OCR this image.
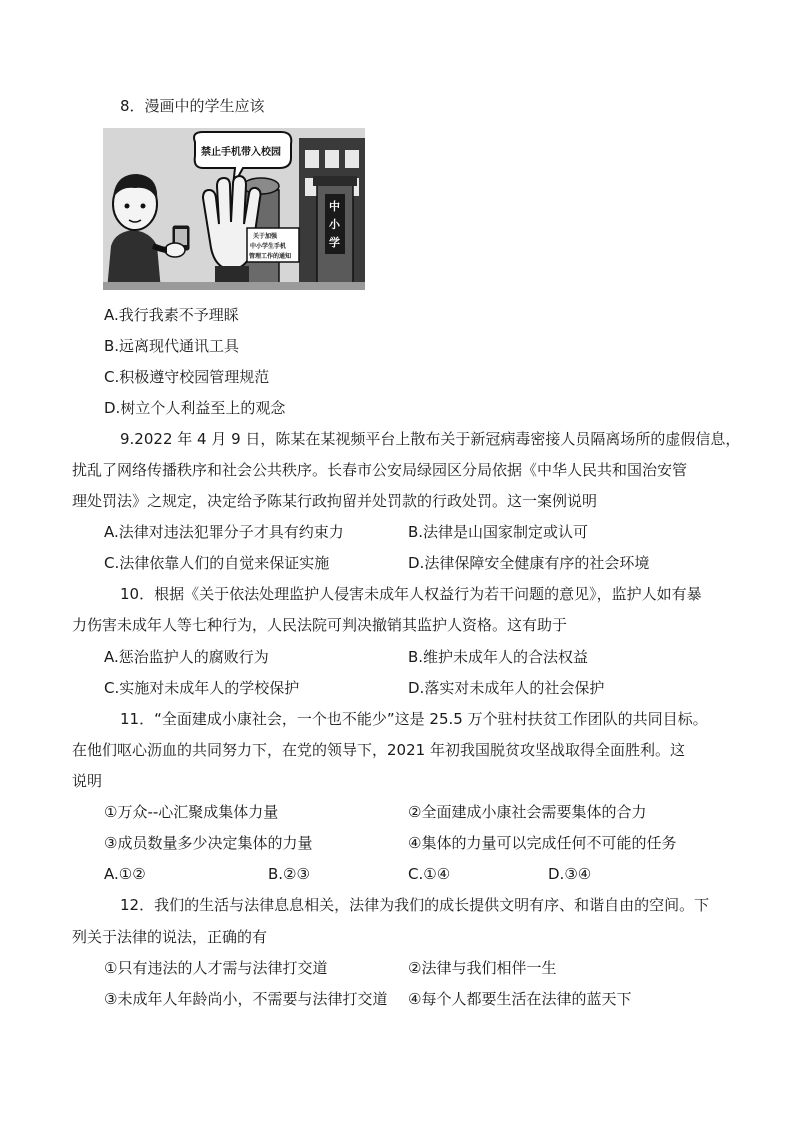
8．漫画中的学生应该
中
小
学
禁止手机带入校园
关于加强
中小学生手机
管理工作的通知
A.我行我素不予理睬
B.远离现代通讯工具
C.积极遵守校园管理规范
D.树立个人利益至上的观念
9.2022 年 4 月 9 日，陈某在某视频平台上散布关于新冠病毒密接人员隔离场所的虚假信息，
扰乱了网络传播秩序和社会公共秩序。长春市公安局绿园区分局依据《中华人民共和国治安管
理处罚法》之规定，决定给予陈某行政拘留并处罚款的行政处罚。这一案例说明
A.法律对违法犯罪分子才具有约束力	B.法律是山国家制定或认可
C.法律依靠人们的自觉来保证实施	D.法律保障安全健康有序的社会环境
10．根据《关于依法处理监护人侵害未成年人权益行为若干问题的意见》，监护人如有暴
力伤害未成年人等七种行为，人民法院可判决撤销其监护人资格。这有助于
A.惩治监护人的腐败行为	B.维护未成年人的合法权益
C.实施对未成年人的学校保护	D.落实对未成年人的社会保护
11．“全面建成小康社会，一个也不能少”这是 25.5 万个驻村扶贫工作团队的共同目标。
在他们呕心沥血的共同努力下，在党的领导下，2021 年初我国脱贫攻坚战取得全面胜利。这
说明
①万众--心汇聚成集体力量	②全面建成小康社会需要集体的合力
③成员数量多少决定集体的力量	④集体的力量可以完成任何不可能的任务
A.①②	B.②③	C.①④	D.③④
12．我们的生活与法律息息相关，法律为我们的成长提供文明有序、和谐自由的空间。下
列关于法律的说法，正确的有
①只有违法的人才需与法律打交道	②法律与我们相伴一生
③未成年人年龄尚小，不需要与法律打交道 ④每个人都要生活在法律的蓝天下
